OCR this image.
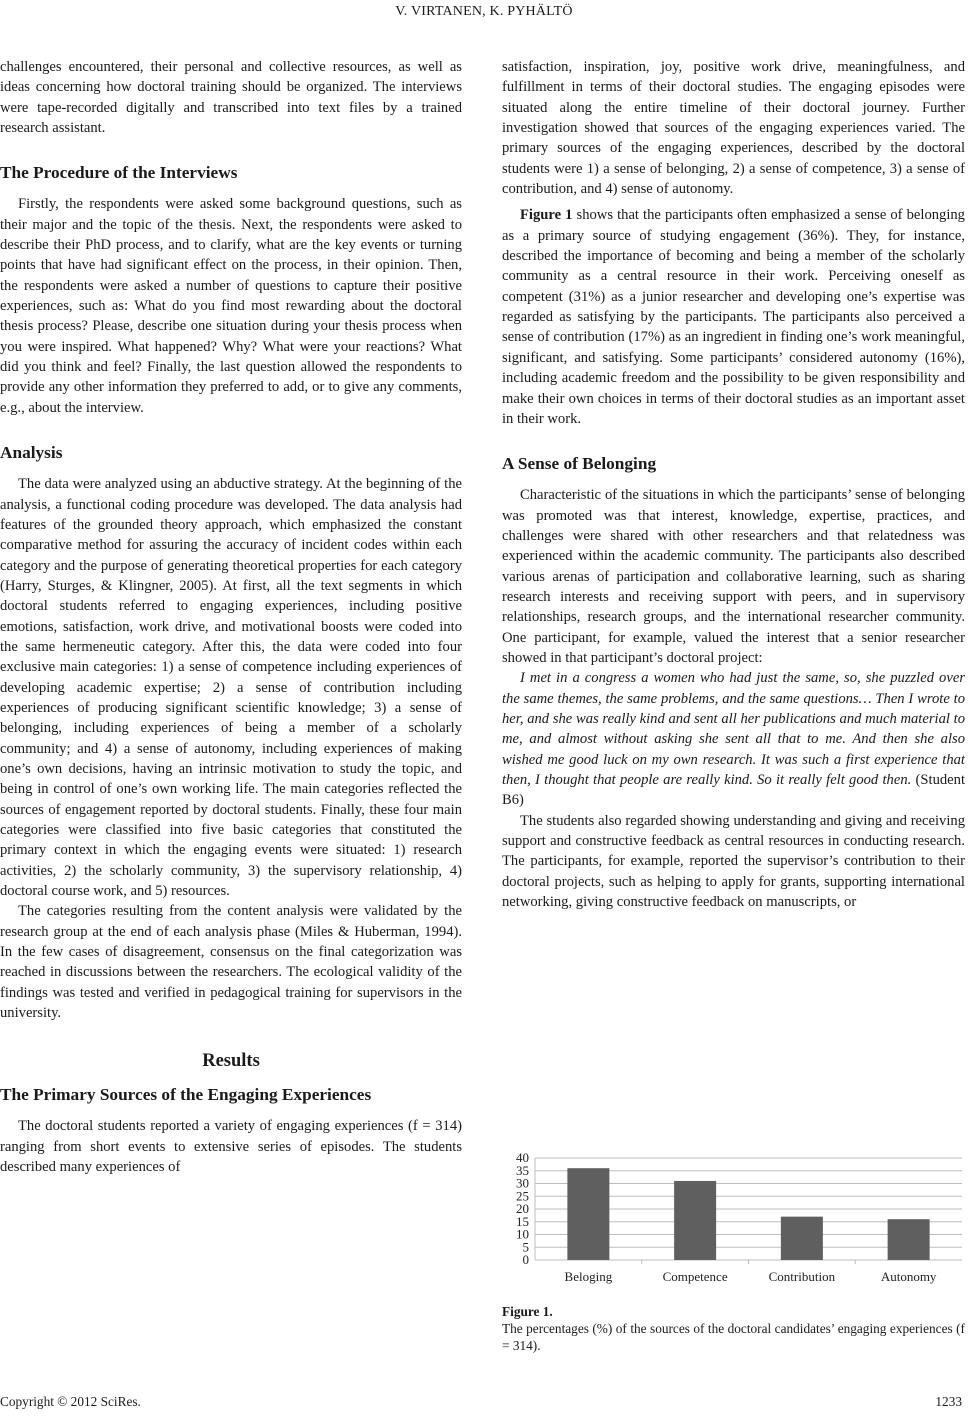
V. VIRTANEN, K. PYHÄLTÖ

challenges encountered, their personal and collective resources, as well as ideas concerning how doctoral training should be organized. The interviews were tape-recorded digitally and transcribed into text files by a trained research assistant.

The Procedure of the Interviews

Firstly, the respondents were asked some background questions, such as their major and the topic of the thesis. Next, the respondents were asked to describe their PhD process, and to clarify, what are the key events or turning points that have had significant effect on the process, in their opinion. Then, the respondents were asked a number of questions to capture their positive experiences, such as: What do you find most rewarding about the doctoral thesis process? Please, describe one situation during your thesis process when you were inspired. What happened? Why? What were your reactions? What did you think and feel? Finally, the last question allowed the respondents to provide any other information they preferred to add, or to give any comments, e.g., about the interview.

Analysis

The data were analyzed using an abductive strategy. At the beginning of the analysis, a functional coding procedure was developed. The data analysis had features of the grounded theory approach, which emphasized the constant comparative method for assuring the accuracy of incident codes within each category and the purpose of generating theoretical properties for each category (Harry, Sturges, & Klingner, 2005). At first, all the text segments in which doctoral students referred to engaging experiences, including positive emotions, satisfaction, work drive, and motivational boosts were coded into the same hermeneutic category. After this, the data were coded into four exclusive main categories: 1) a sense of competence including experiences of developing academic expertise; 2) a sense of contribution including experiences of producing significant scientific knowledge; 3) a sense of belonging, including experiences of being a member of a scholarly community; and 4) a sense of autonomy, including experiences of making one’s own decisions, having an intrinsic motivation to study the topic, and being in control of one’s own working life. The main categories reflected the sources of engagement reported by doctoral students. Finally, these four main categories were classified into five basic categories that constituted the primary context in which the engaging events were situated: 1) research activities, 2) the scholarly community, 3) the supervisory relationship, 4) doctoral course work, and 5) resources.

The categories resulting from the content analysis were validated by the research group at the end of each analysis phase (Miles & Huberman, 1994). In the few cases of disagreement, consensus on the final categorization was reached in discussions between the researchers. The ecological validity of the findings was tested and verified in pedagogical training for supervisors in the university.

Results
The Primary Sources of the Engaging Experiences

The doctoral students reported a variety of engaging experiences (f = 314) ranging from short events to extensive series of episodes. The students described many experiences of

satisfaction, inspiration, joy, positive work drive, meaningfulness, and fulfillment in terms of their doctoral studies. The engaging episodes were situated along the entire timeline of their doctoral journey. Further investigation showed that sources of the engaging experiences varied. The primary sources of the engaging experiences, described by the doctoral students were 1) a sense of belonging, 2) a sense of competence, 3) a sense of contribution, and 4) sense of autonomy.

Figure 1 shows that the participants often emphasized a sense of belonging as a primary source of studying engagement (36%). They, for instance, described the importance of becoming and being a member of the scholarly community as a central resource in their work. Perceiving oneself as competent (31%) as a junior researcher and developing one’s expertise was regarded as satisfying by the participants. The participants also perceived a sense of contribution (17%) as an ingredient in finding one’s work meaningful, significant, and satisfying. Some participants’ considered autonomy (16%), including academic freedom and the possibility to be given responsibility and make their own choices in terms of their doctoral studies as an important asset in their work.

A Sense of Belonging

Characteristic of the situations in which the participants’ sense of belonging was promoted was that interest, knowledge, expertise, practices, and challenges were shared with other researchers and that relatedness was experienced within the academic community. The participants also described various arenas of participation and collaborative learning, such as sharing research interests and receiving support with peers, and in supervisory relationships, research groups, and the international researcher community. One participant, for example, valued the interest that a senior researcher showed in that participant’s doctoral project:

I met in a congress a women who had just the same, so, she puzzled over the same themes, the same problems, and the same questions… Then I wrote to her, and she was really kind and sent all her publications and much material to me, and almost without asking she sent all that to me. And then she also wished me good luck on my own research. It was such a first experience that then, I thought that people are really kind. So it really felt good then. (Student B6)

The students also regarded showing understanding and giving and receiving support and constructive feedback as central resources in conducting research. The participants, for example, reported the supervisor’s contribution to their doctoral projects, such as helping to apply for grants, supporting international networking, giving constructive feedback on manuscripts, or

0
5
10
15
20
25
30
35
40
Beloging	Competence	Contribution	Autonomy
Figure 1.
The percentages (%) of the sources of the doctoral candidates’ engaging experiences (f = 314).
Copyright © 2012 SciRes.	1233
